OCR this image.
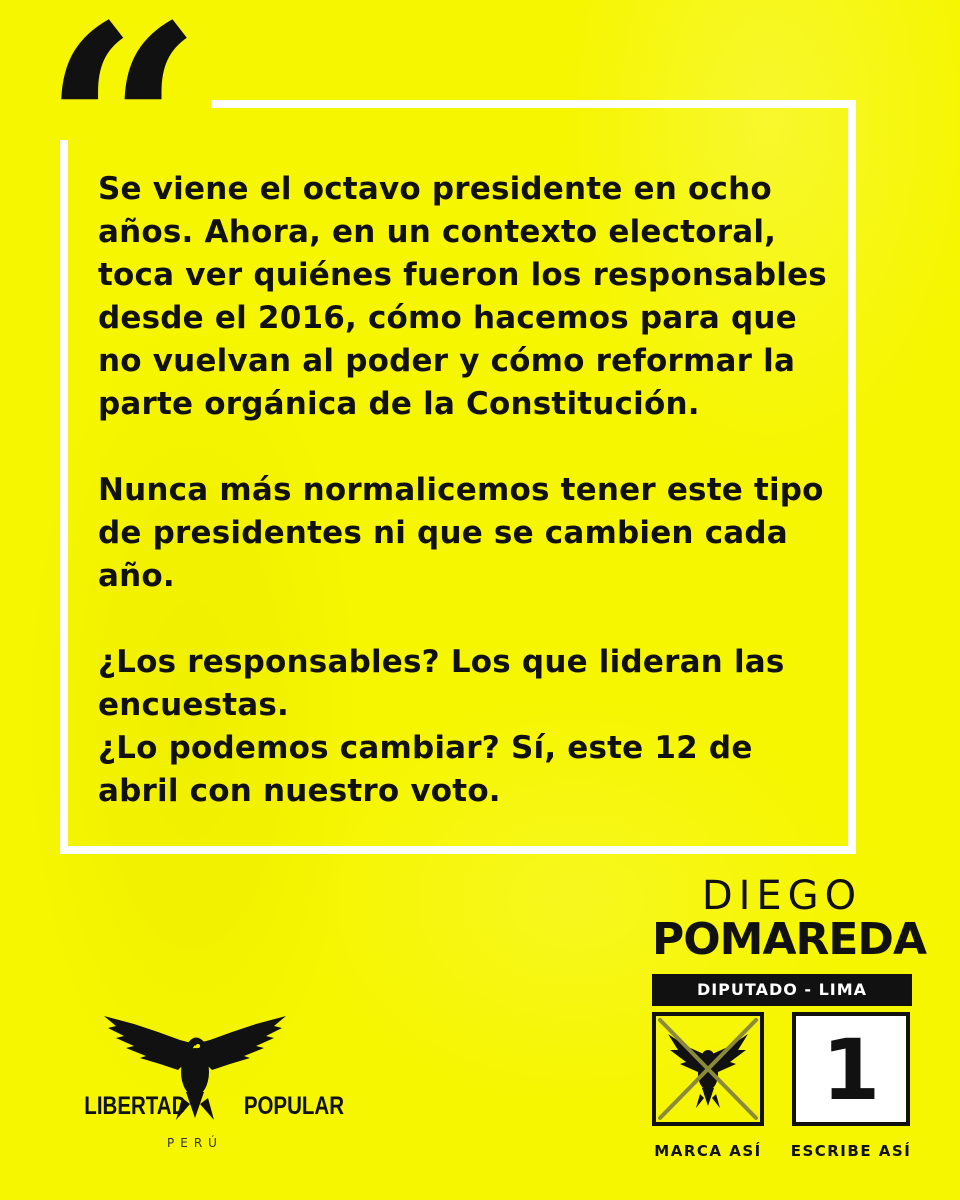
“

Se viene el octavo presidente en ocho
años. Ahora, en un contexto electoral,
toca ver quiénes fueron los responsables
desde el 2016, cómo hacemos para que
no vuelvan al poder y cómo reformar la
parte orgánica de la Constitución.

Nunca más normalicemos tener este tipo
de presidentes ni que se cambien cada
año.

¿Los responsables? Los que lideran las
encuestas.
¿Lo podemos cambiar? Sí, este 12 de
abril con nuestro voto.

DIEGO
POMAREDA
DIPUTADO - LIMA
1
MARCA ASÍ	ESCRIBE ASÍ
LIBERTAD POPULAR
PERÚ
